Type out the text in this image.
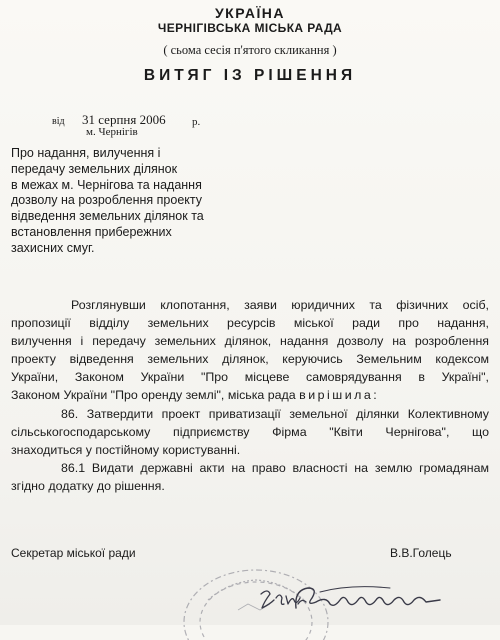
УКРАЇНА
ЧЕРНІГІВСЬКА МІСЬКА РАДА
( сьома сесія п'ятого скликання )
ВИТЯГ ІЗ РІШЕННЯ
від 31 серпня 2006 р.
м. Чернігів
Про надання, вилучення і
передачу земельних ділянок
в межах м. Чернігова та надання
дозволу на розроблення проекту
відведення земельних ділянок та
встановлення прибережних
захисних смуг.
Розглянувши клопотання, заяви юридичних та фізичних осіб,
пропозиції відділу земельних ресурсів міської ради про надання,
вилучення і передачу земельних ділянок, надання дозволу на розроблення
проекту відведення земельних ділянок, керуючись Земельним кодексом
України, Законом України "Про місцеве самоврядування в Україні",
Законом України "Про оренду землі", міська рада вирішила:
86. Затвердити проект приватизації земельної ділянки Колективному
сільськогосподарському підприємству Фірма "Квіти Чернігова", що
знаходиться у постійному користуванні.
86.1 Видати державні акти на право власності на землю громадянам
згідно додатку до рішення.
Секретар міської ради	В.В.Голець
